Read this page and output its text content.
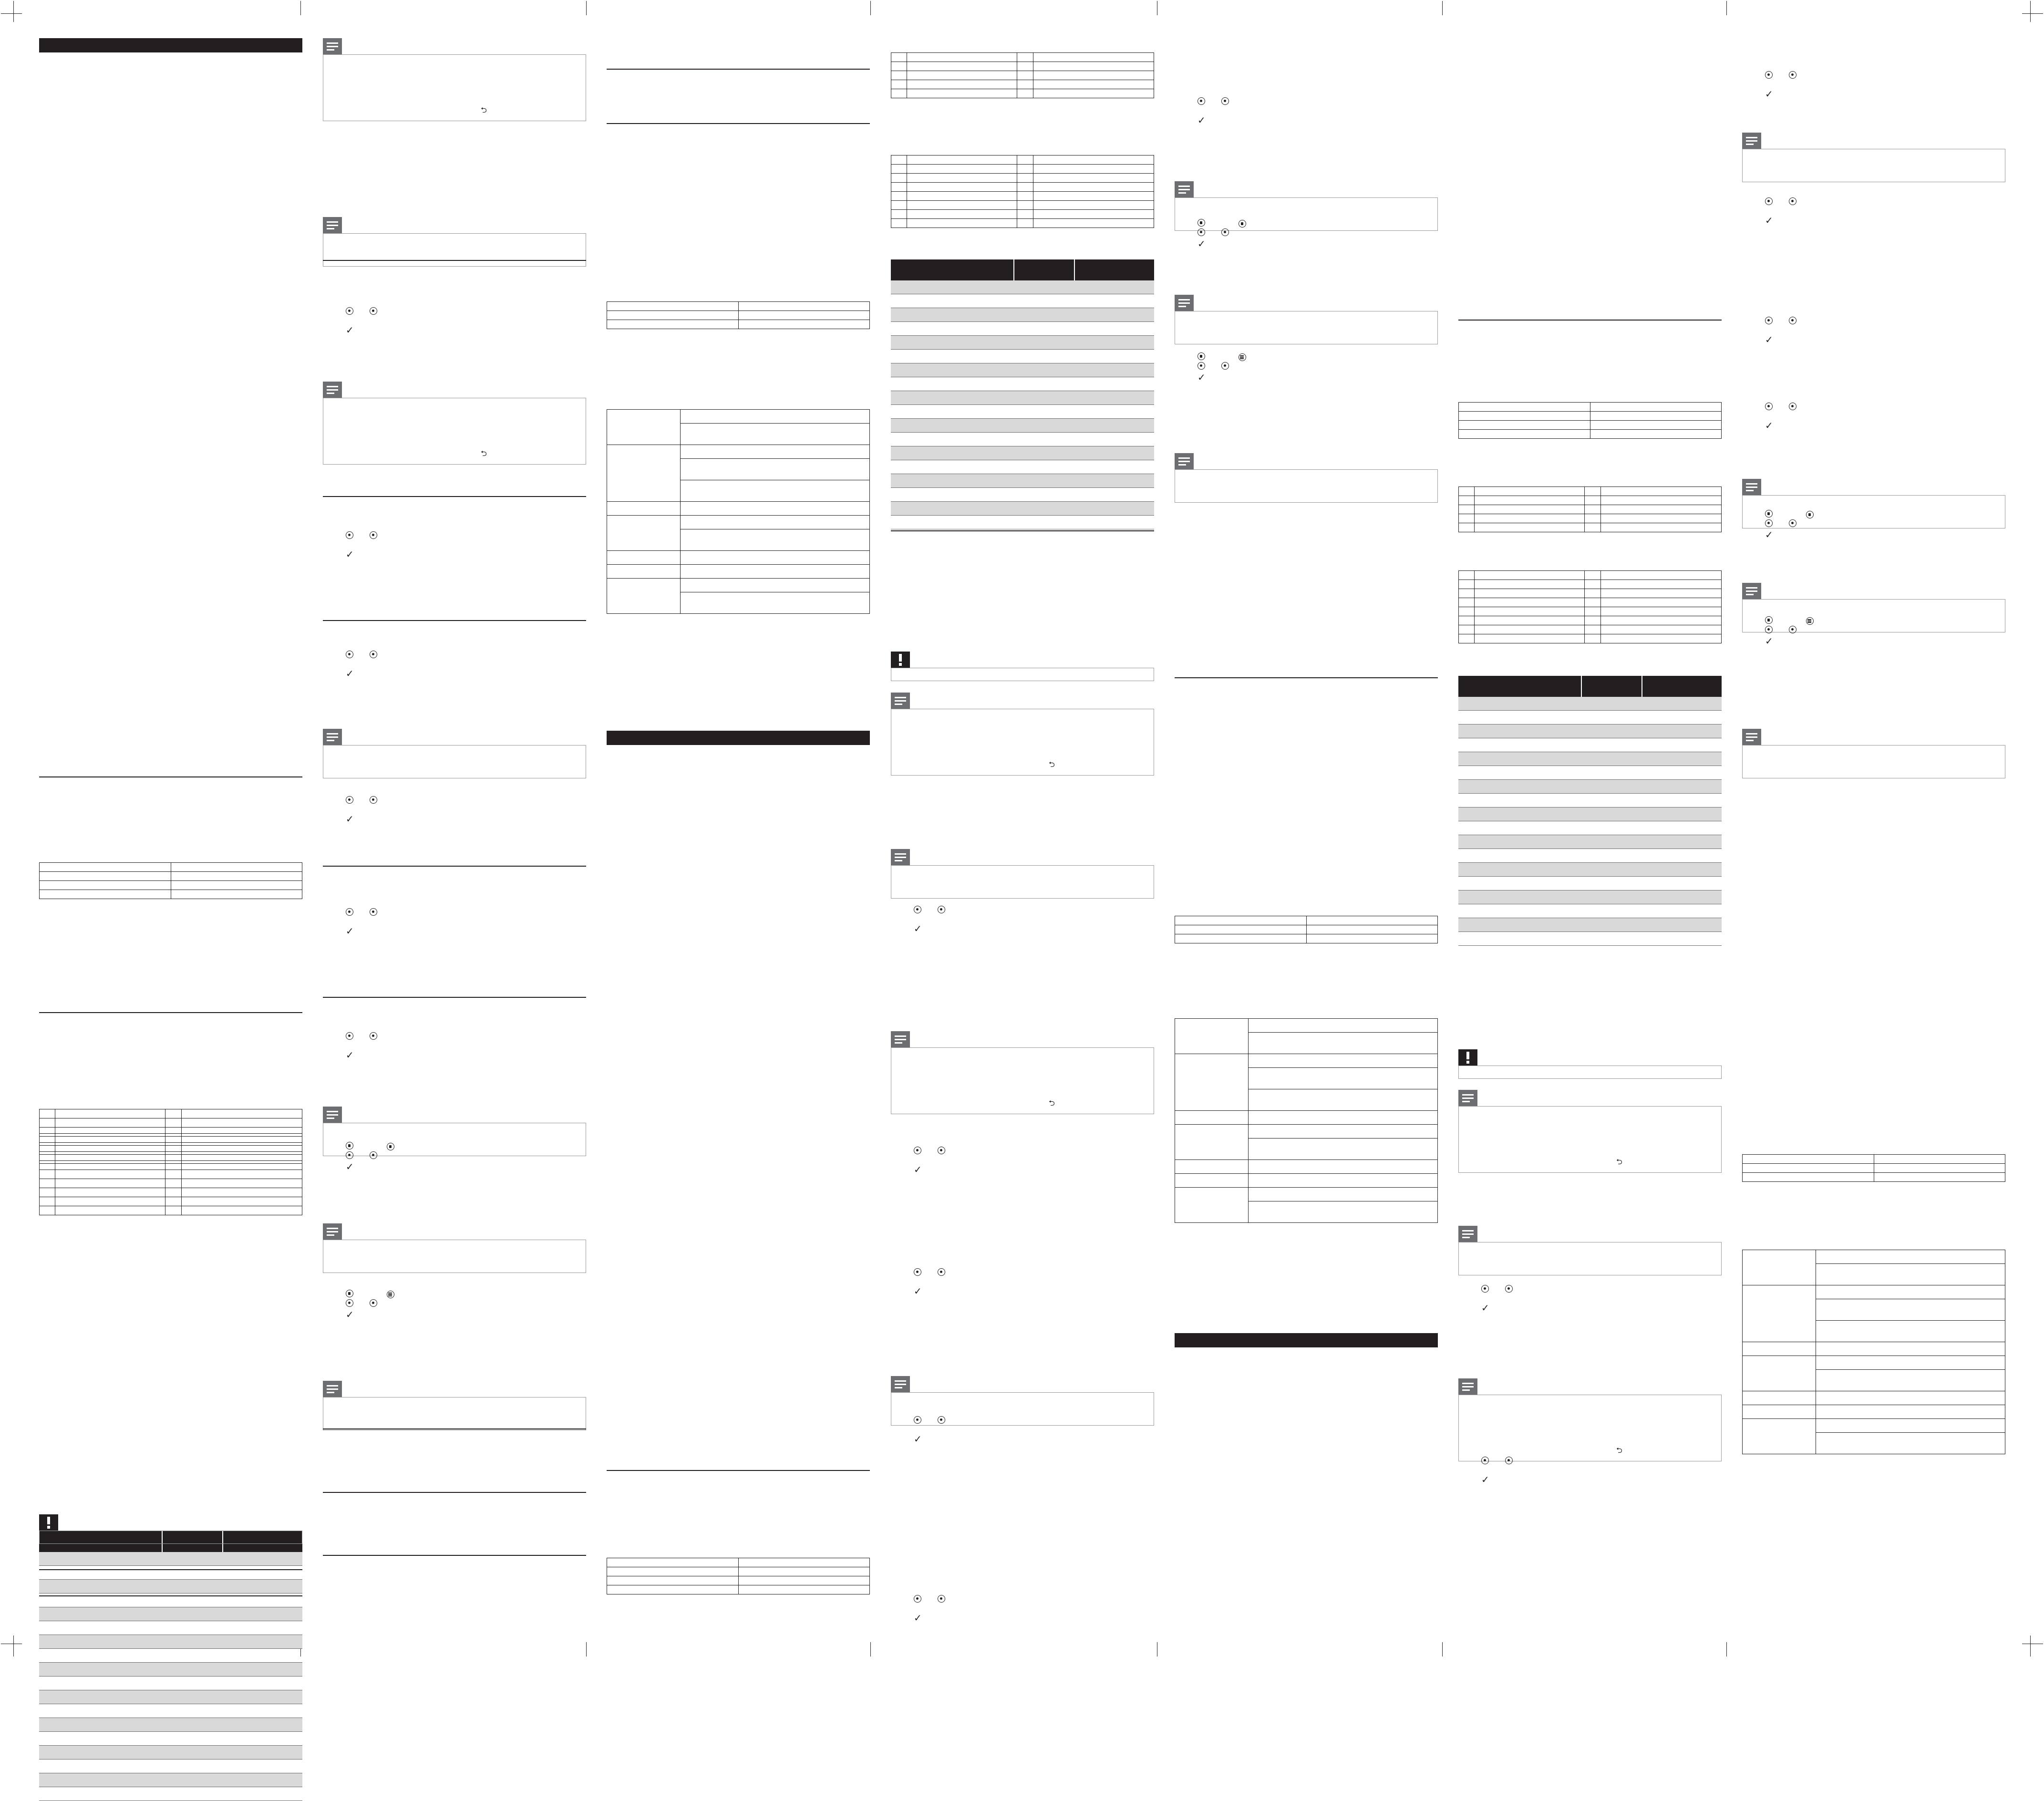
⮌
✓
⮌
✓
✓
✓
✓
✓
✓
✓

⮌
✓
⮌
✓
✓
✓
✓
✓
✓
✓

⮌
✓
⮌
✓
✓
✓
✓
✓
✓
✓
